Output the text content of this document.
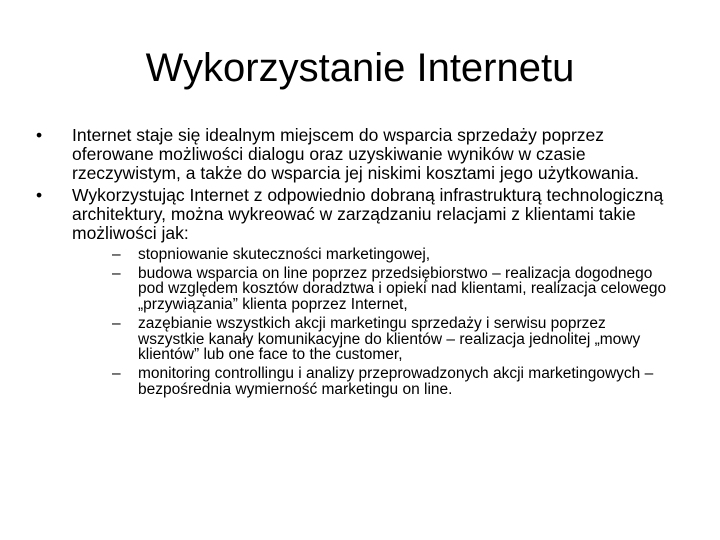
Wykorzystanie Internetu
•	Internet staje się idealnym miejscem do wsparcia sprzedaży poprzez oferowane możliwości dialogu oraz uzyskiwanie wyników w czasie rzeczywistym, a także do wsparcia jej niskimi kosztami jego użytkowania.
•	Wykorzystując Internet z odpowiednio dobraną infrastrukturą technologiczną architektury, można wykreować w zarządzaniu relacjami z klientami takie możliwości jak:
–	stopniowanie skuteczności marketingowej,
–	budowa wsparcia on line poprzez przedsiębiorstwo – realizacja dogodnego pod względem kosztów doradztwa i opieki nad klientami, realizacja celowego „przywiązania” klienta poprzez Internet,
–	zazębianie wszystkich akcji marketingu sprzedaży i serwisu poprzez wszystkie kanały komunikacyjne do klientów – realizacja jednolitej „mowy klientów” lub one face to the customer,
–	monitoring controllingu i analizy przeprowadzonych akcji marketingowych – bezpośrednia wymierność marketingu on line.
